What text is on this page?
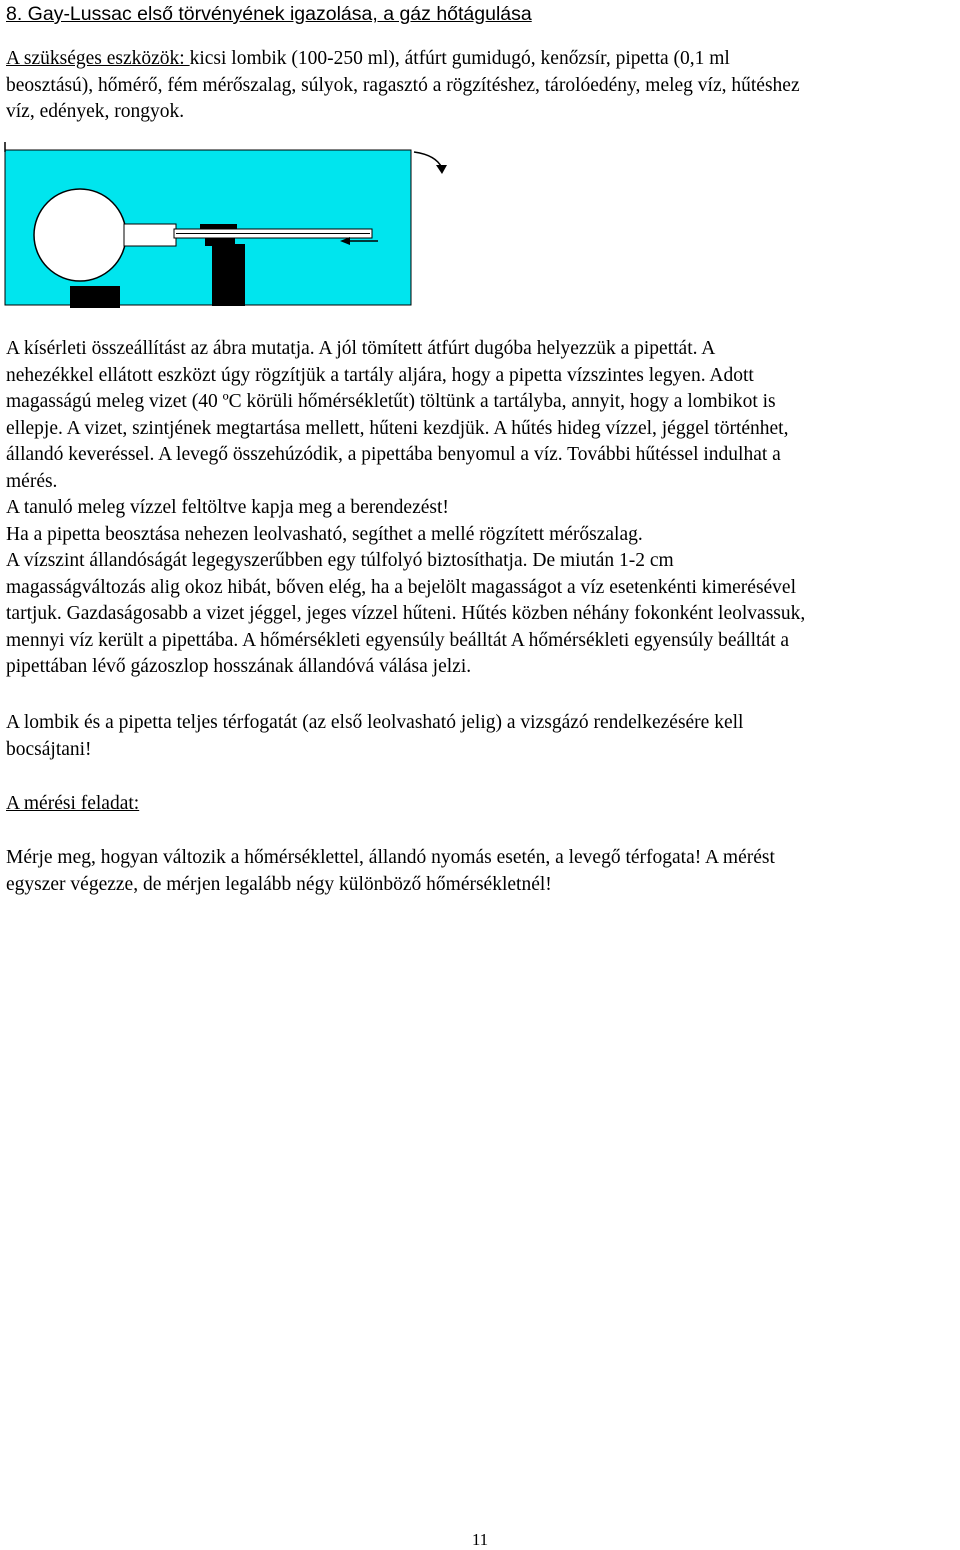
8. Gay-Lussac első törvényének igazolása, a gáz hőtágulása
A szükséges eszközök: kicsi lombik (100-250 ml), átfúrt gumidugó, kenőzsír, pipetta (0,1 ml
beosztású), hőmérő, fém mérőszalag, súlyok, ragasztó a rögzítéshez, tárolóedény, meleg víz, hűtéshez
víz, edények, rongyok.
A kísérleti összeállítást az ábra mutatja. A jól tömített átfúrt dugóba helyezzük a pipettát. A
nehezékkel ellátott eszközt úgy rögzítjük a tartály aljára, hogy a pipetta vízszintes legyen. Adott
magasságú meleg vizet (40 ºC körüli hőmérsékletűt) töltünk a tartályba, annyit, hogy a lombikot is
ellepje. A vizet, szintjének megtartása mellett, hűteni kezdjük. A hűtés hideg vízzel, jéggel történhet,
állandó keveréssel. A levegő összehúzódik, a pipettába benyomul a víz. További hűtéssel indulhat a
mérés.
A tanuló meleg vízzel feltöltve kapja meg a berendezést!
Ha a pipetta beosztása nehezen leolvasható, segíthet a mellé rögzített mérőszalag.
A vízszint állandóságát legegyszerűbben egy túlfolyó biztosíthatja. De miután 1-2 cm
magasságváltozás alig okoz hibát, bőven elég, ha a bejelölt magasságot a víz esetenkénti kimerésével
tartjuk. Gazdaságosabb a vizet jéggel, jeges vízzel hűteni. Hűtés közben néhány fokonként leolvassuk,
mennyi víz került a pipettába. A hőmérsékleti egyensúly beálltát A hőmérsékleti egyensúly beálltát a
pipettában lévő gázoszlop hosszának állandóvá válása jelzi.
A lombik és a pipetta teljes térfogatát (az első leolvasható jelig) a vizsgázó rendelkezésére kell
bocsájtani!
A mérési feladat:
Mérje meg, hogyan változik a hőmérséklettel, állandó nyomás esetén, a levegő térfogata! A mérést
egyszer végezze, de mérjen legalább négy különböző hőmérsékletnél!
11
